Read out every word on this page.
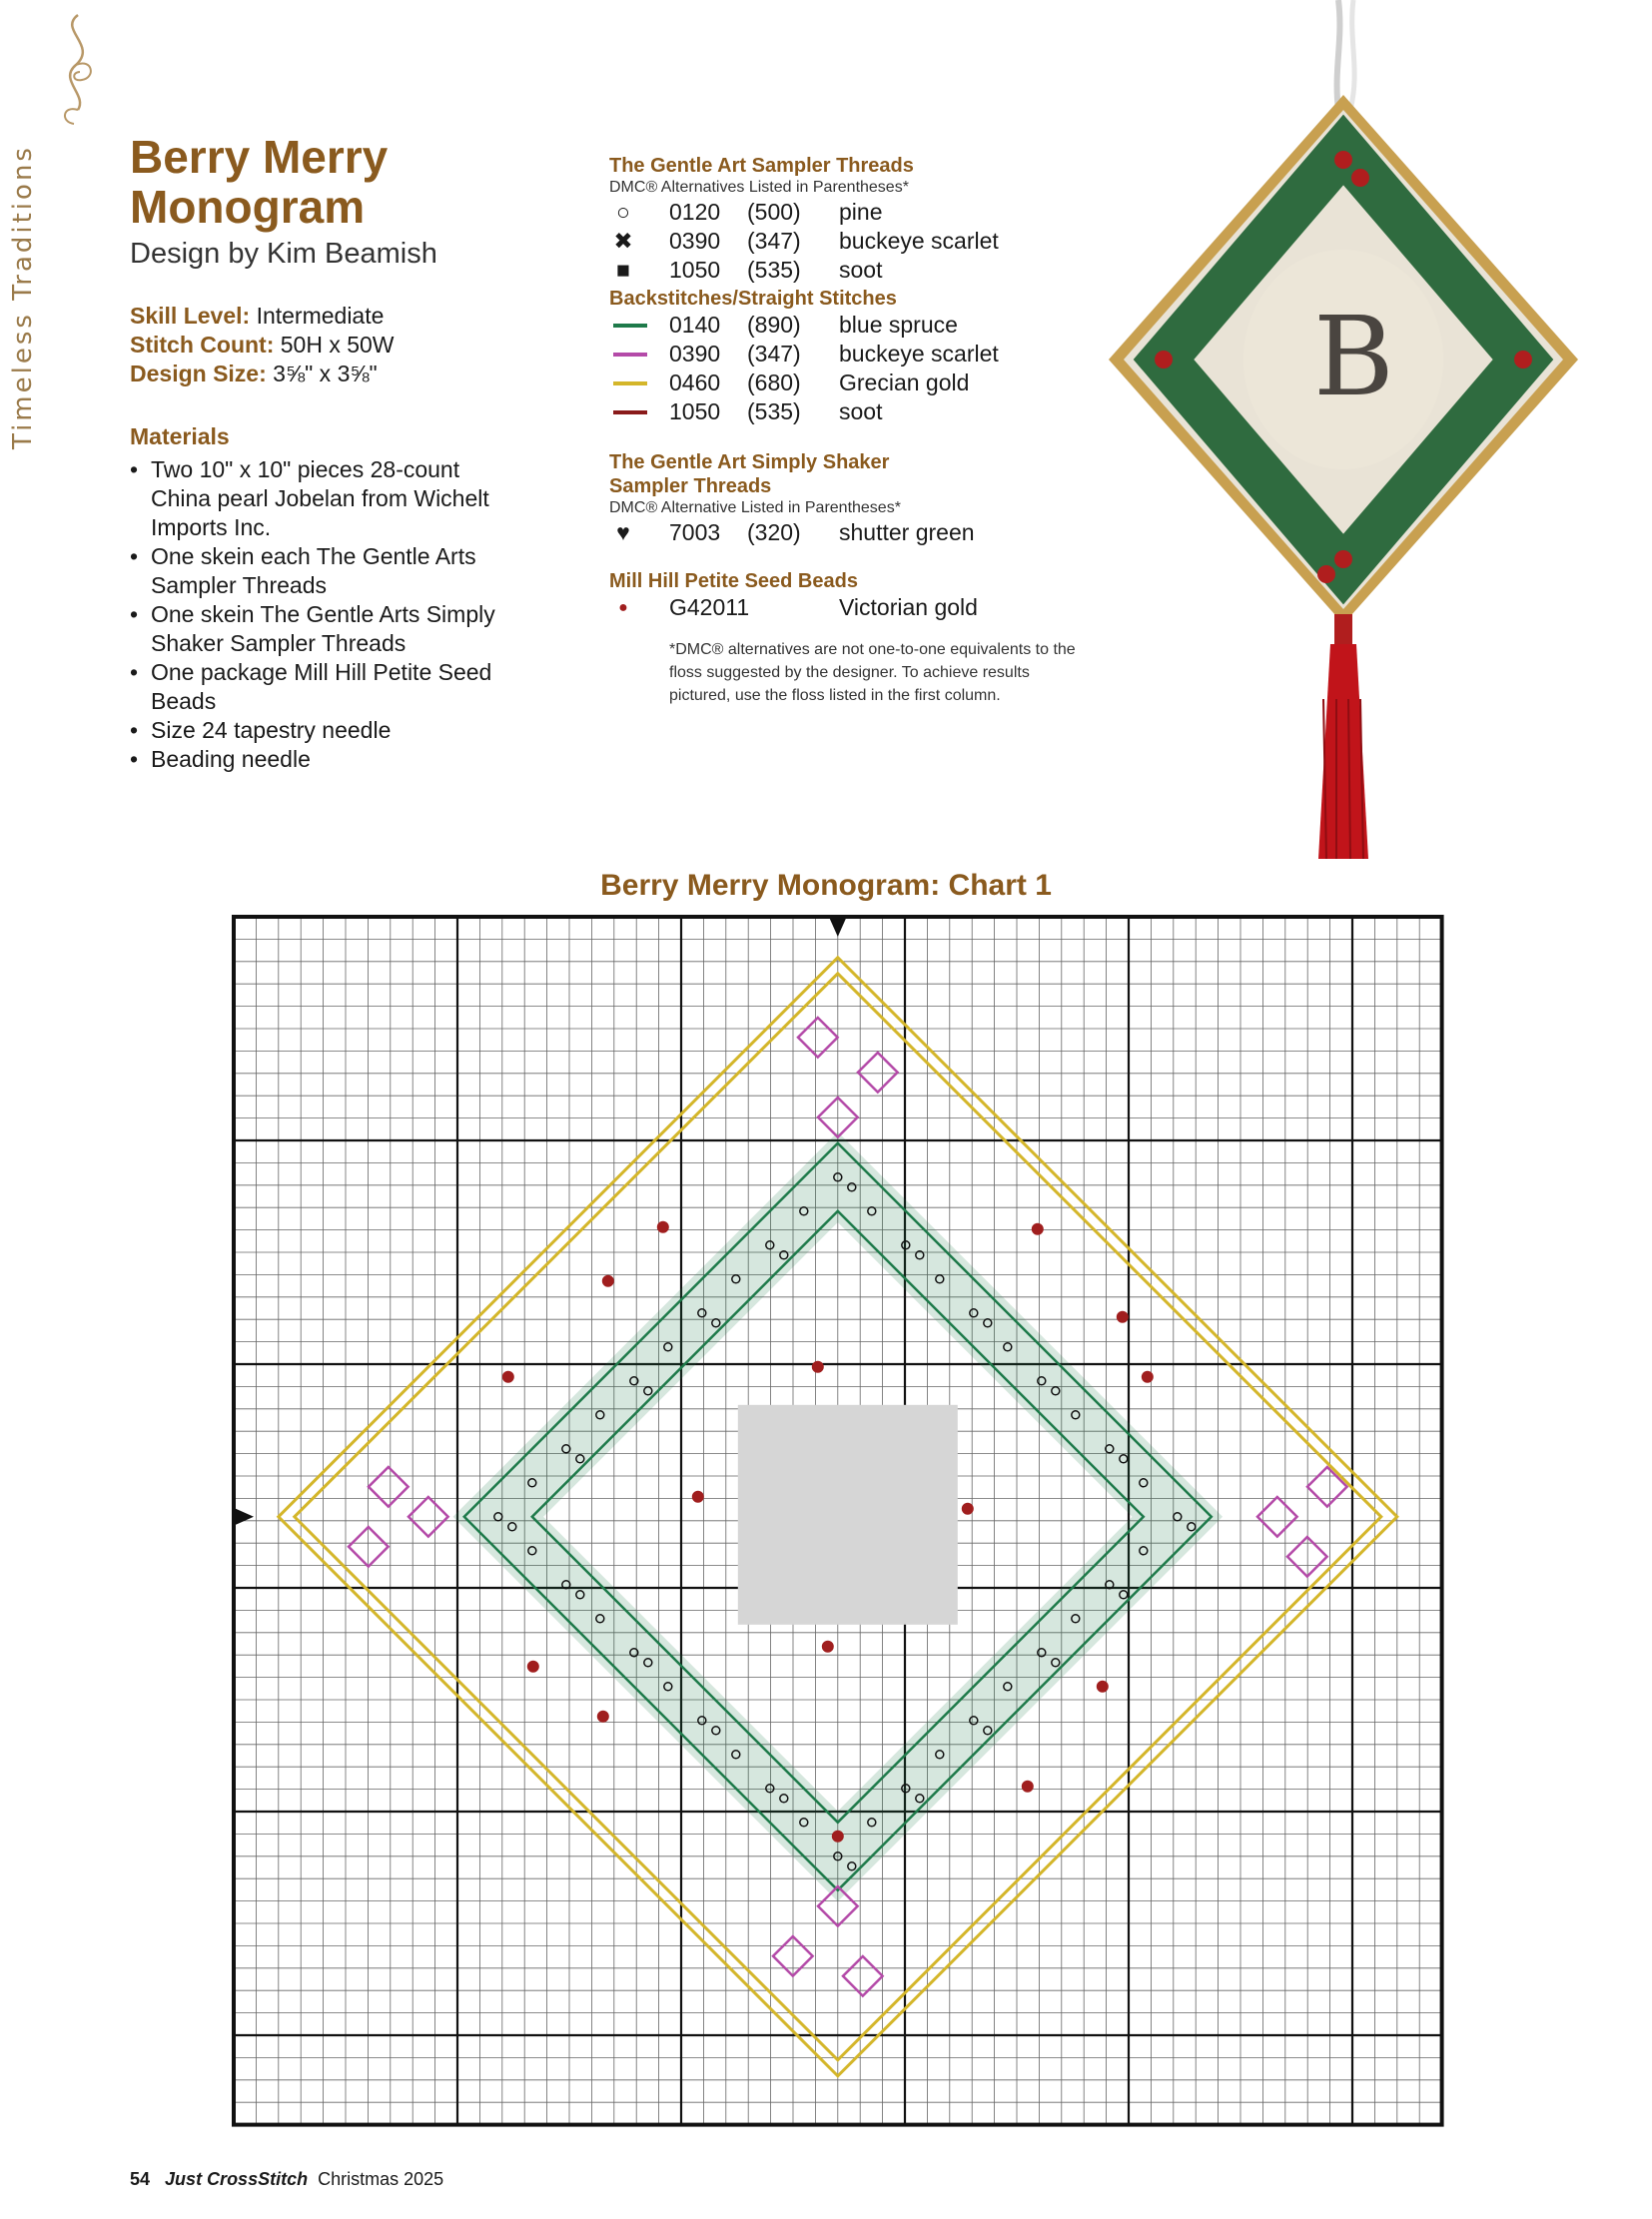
Timeless Traditions Berry Merry
Monogram
Design by Kim Beamish
Skill Level: Intermediate
Stitch Count: 50H x 50W
Design Size: 3⅝" x 3⅝"
Materials
• Two 10" x 10" pieces 28-count China pearl Jobelan from Wichelt Imports Inc.
• One skein each The Gentle Arts Sampler Threads
• One skein The Gentle Arts Simply Shaker Sampler Threads
• One package Mill Hill Petite Seed Beads
• Size 24 tapestry needle
• Beading needle
The Gentle Art Sampler Threads
DMC® Alternatives Listed in Parentheses*
○	0120 (500) pine
✖ 0390 (347) buckeye scarlet
■	1050 (535) soot
Backstitches/Straight Stitches
0140 (890) blue spruce
0390 (347) buckeye scarlet
0460 (680) Grecian gold
1050 (535) soot
The Gentle Art Simply Shaker
Sampler Threads
DMC® Alternative Listed in Parentheses*
♥	7003 (320) shutter green
Mill Hill Petite Seed Beads
●	G42011	Victorian gold
*DMC® alternatives are not one-to-one equivalents to the floss suggested by the designer. To achieve results pictured, use the floss listed in the first column.
B
Berry Merry Monogram: Chart 1
54 Just CrossStitch Christmas 2025
